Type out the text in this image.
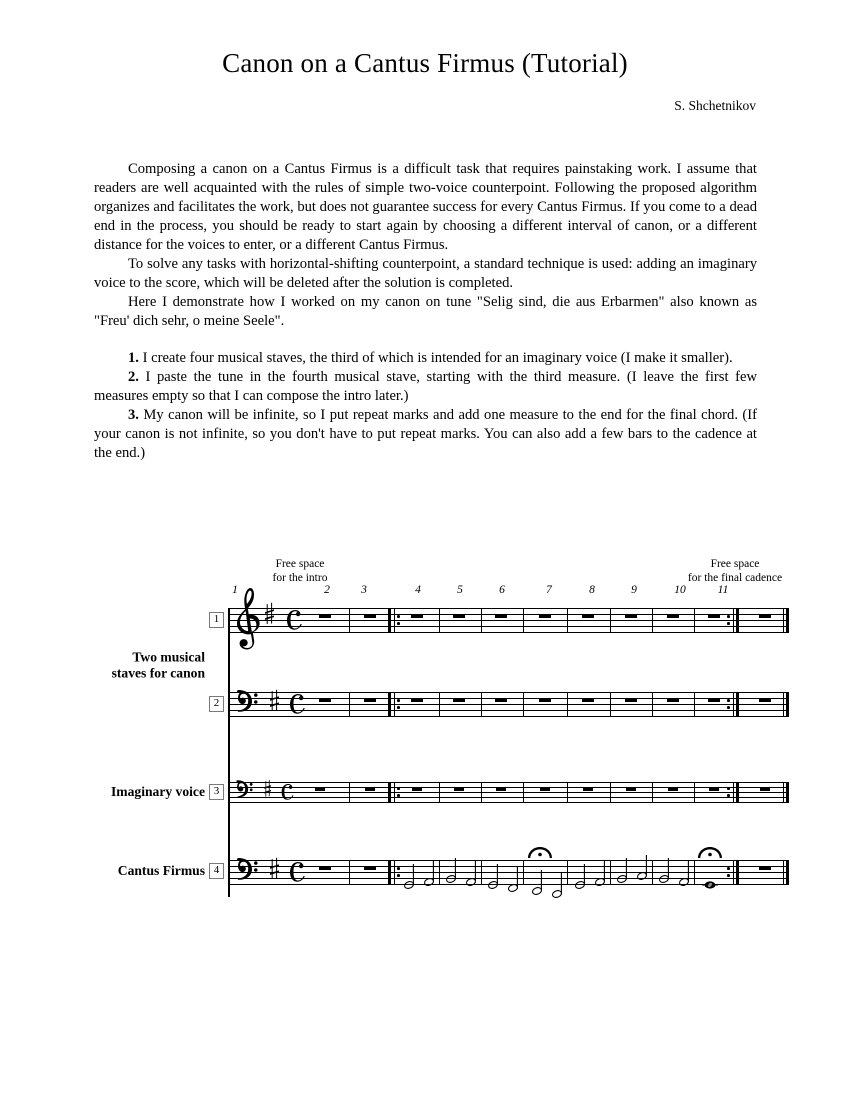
Canon on a Cantus Firmus (Tutorial)
S. Shchetnikov

Composing a canon on a Cantus Firmus is a difficult task that requires painstaking work. I assume that readers are well acquainted with the rules of simple two-voice counterpoint. Following the proposed algorithm organizes and facilitates the work, but does not guarantee success for every Cantus Firmus. If you come to a dead end in the process, you should be ready to start again by choosing a different interval of canon, or a different distance for the voices to enter, or a different Cantus Firmus.

To solve any tasks with horizontal-shifting counterpoint, a standard technique is used: adding an imaginary voice to the score, which will be deleted after the solution is completed.

Here I demonstrate how I worked on my canon on tune "Selig sind, die aus Erbarmen" also known as "Freu' dich sehr, o meine Seele".

1. I create four musical staves, the third of which is intended for an imaginary voice (I make it smaller).

2. I paste the tune in the fourth musical stave, starting with the third measure. (I leave the first few measures empty so that I can compose the intro later.)

3. My canon will be infinite, so I put repeat marks and add one measure to the end for the final chord. (If your canon is not infinite, so you don't have to put repeat marks. You can also add a few bars to the cadence at the end.)

Free space
for the intro
Free space
for the final cadence
1	2	3	4	5	6	7	8	9	10	11
Two musical
staves for canon
Imaginary voice
Cantus Firmus
1
2
3
4
